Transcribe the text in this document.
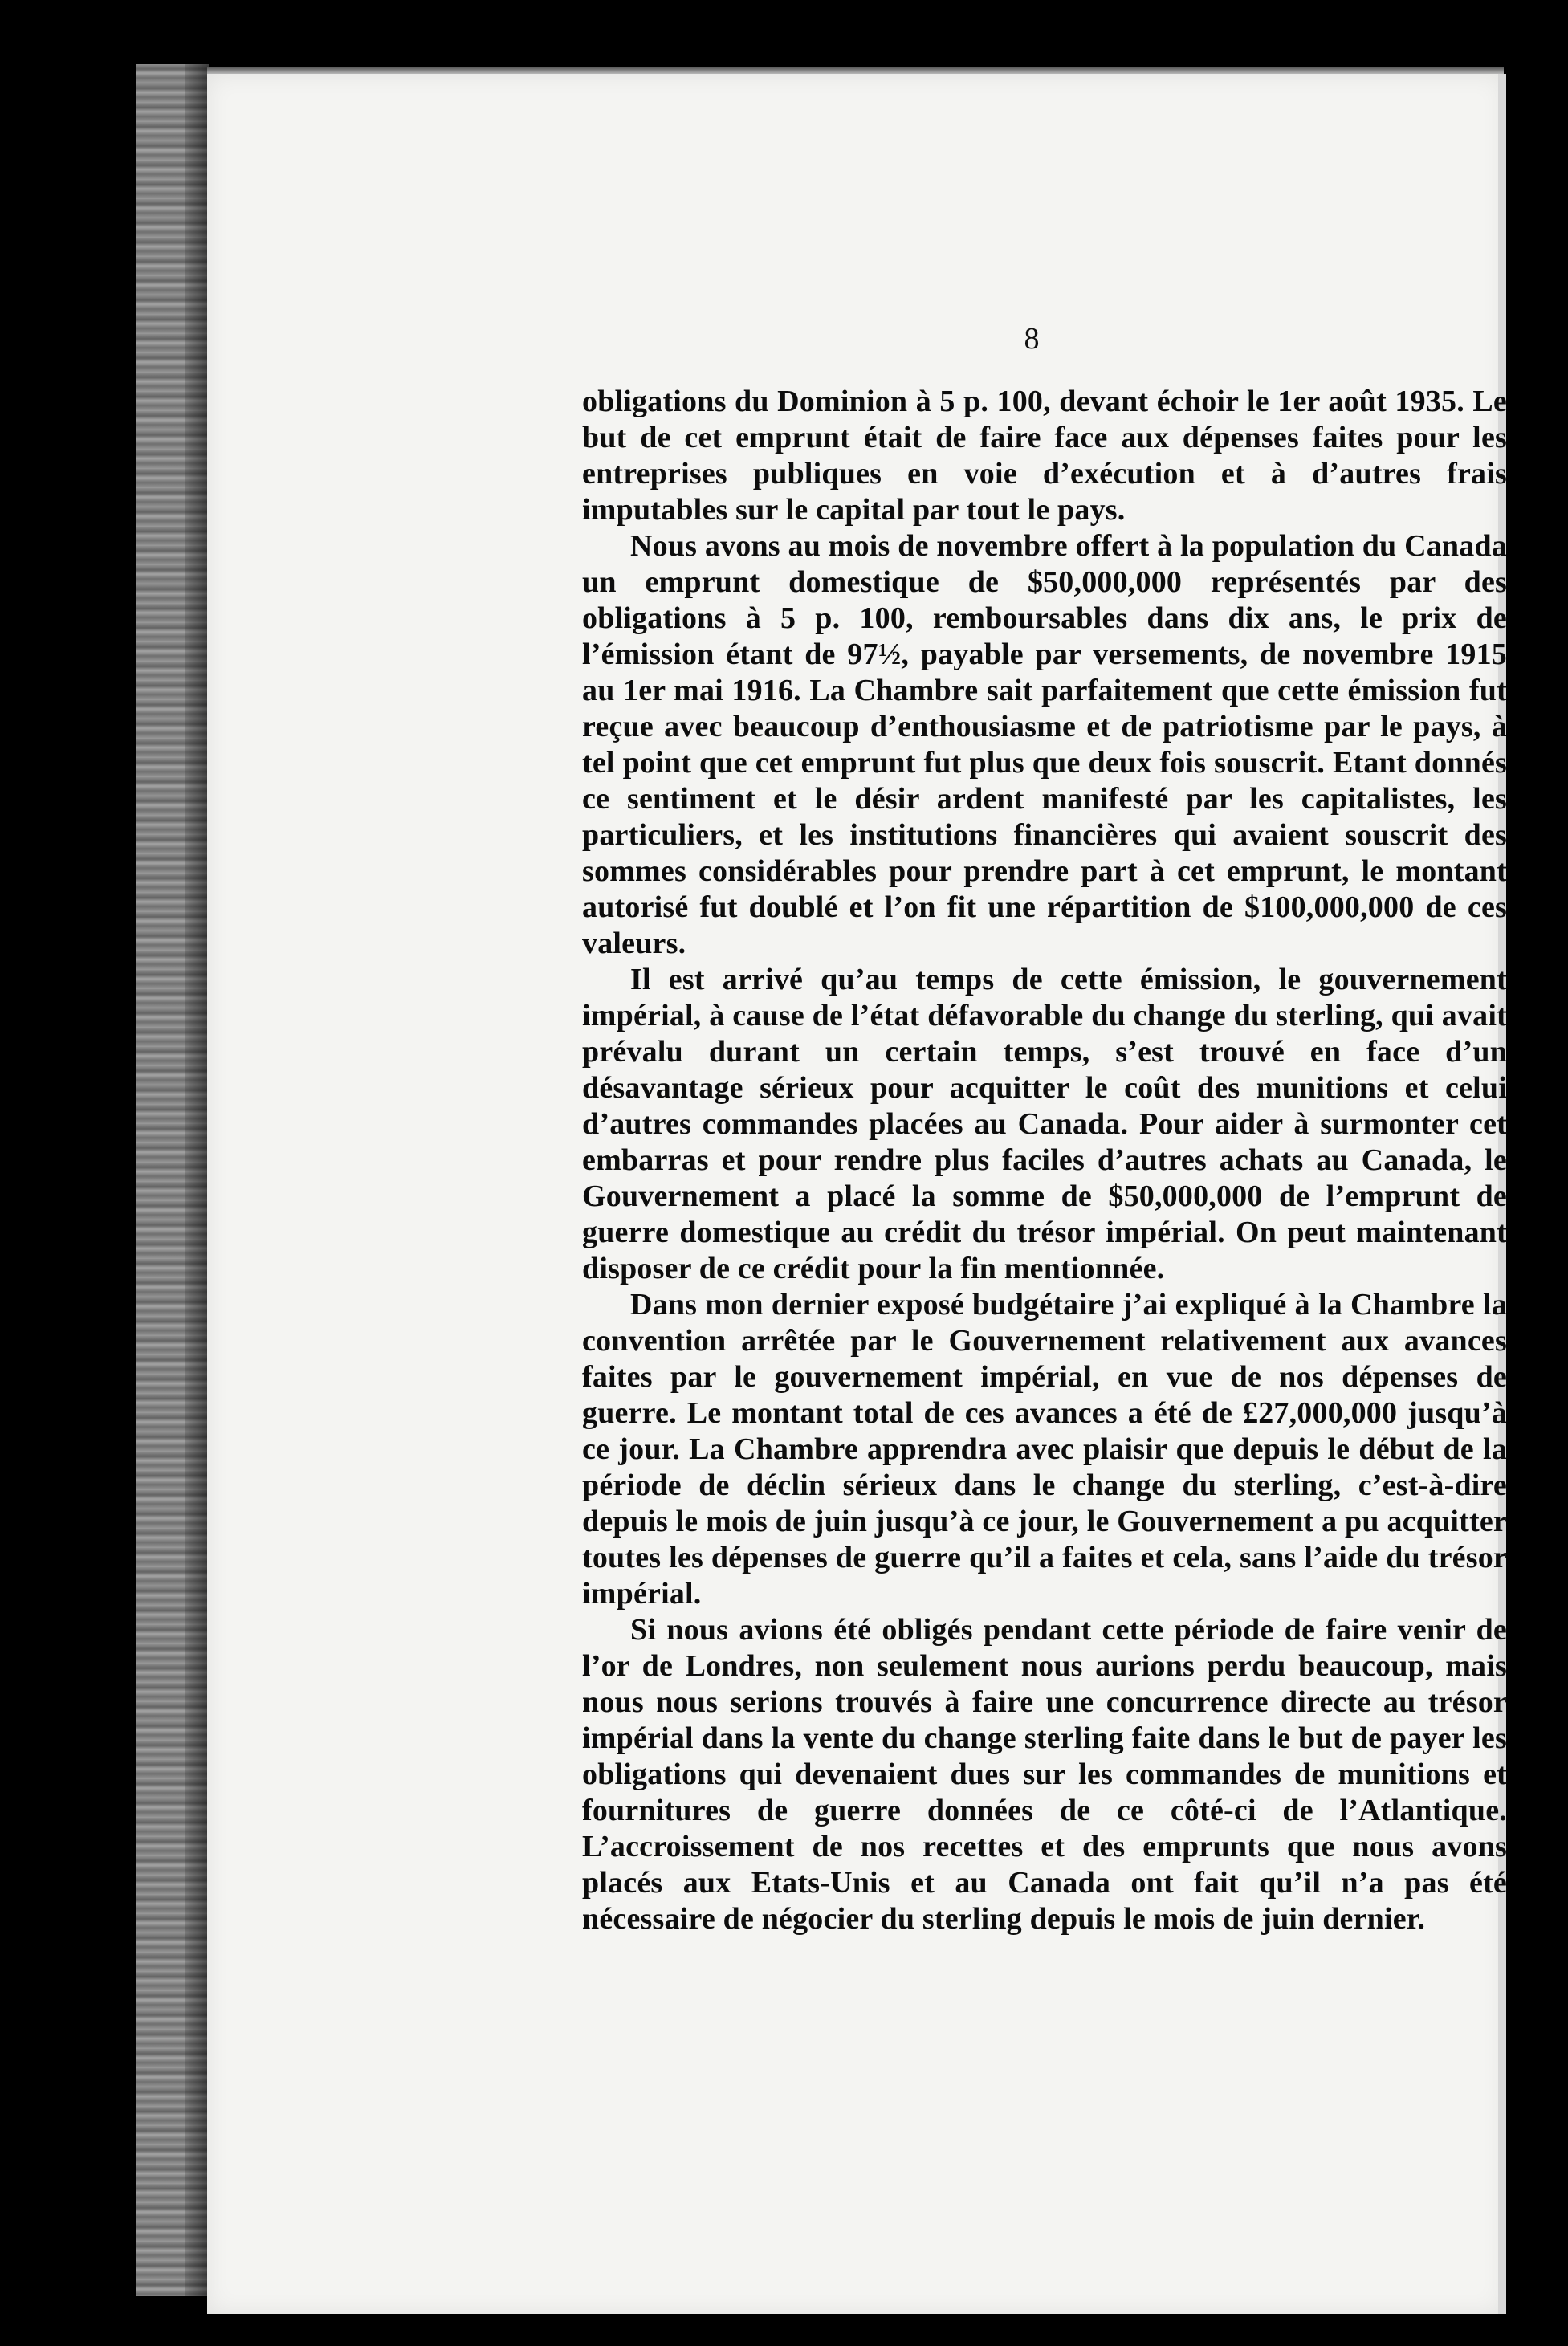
8

obligations du Dominion à 5 p. 100, devant échoir le 1er août 1935. Le but de cet emprunt était de faire face aux dépenses faites pour les entreprises publiques en voie d’exécution et à d’autres frais imputables sur le capital par tout le pays.

Nous avons au mois de novembre offert à la population du Canada un emprunt domestique de $50,000,000 représentés par des obligations à 5 p. 100, remboursables dans dix ans, le prix de l’émission étant de 97½, payable par versements, de novembre 1915 au 1er mai 1916. La Chambre sait parfaitement que cette émission fut reçue avec beaucoup d’enthousiasme et de patriotisme par le pays, à tel point que cet emprunt fut plus que deux fois souscrit. Etant donnés ce sentiment et le désir ardent manifesté par les capitalistes, les particuliers, et les institutions financières qui avaient souscrit des sommes considérables pour prendre part à cet emprunt, le montant autorisé fut doublé et l’on fit une répartition de $100,000,000 de ces valeurs.

Il est arrivé qu’au temps de cette émission, le gouvernement impérial, à cause de l’état défavorable du change du sterling, qui avait prévalu durant un certain temps, s’est trouvé en face d’un désavantage sérieux pour acquitter le coût des munitions et celui d’autres commandes placées au Canada. Pour aider à surmonter cet embarras et pour rendre plus faciles d’autres achats au Canada, le Gouvernement a placé la somme de $50,000,000 de l’emprunt de guerre domestique au crédit du trésor impérial. On peut maintenant disposer de ce crédit pour la fin mentionnée.

Dans mon dernier exposé budgétaire j’ai expliqué à la Chambre la convention arrêtée par le Gouvernement relativement aux avances faites par le gouvernement impérial, en vue de nos dépenses de guerre. Le montant total de ces avances a été de £27,000,000 jusqu’à ce jour. La Chambre apprendra avec plaisir que depuis le début de la période de déclin sérieux dans le change du sterling, c’est-à-dire depuis le mois de juin jusqu’à ce jour, le Gouvernement a pu acquitter toutes les dépenses de guerre qu’il a faites et cela, sans l’aide du trésor impérial.

Si nous avions été obligés pendant cette période de faire venir de l’or de Londres, non seulement nous aurions perdu beaucoup, mais nous nous serions trouvés à faire une concurrence directe au trésor impérial dans la vente du change sterling faite dans le but de payer les obligations qui devenaient dues sur les commandes de munitions et fournitures de guerre données de ce côté-ci de l’Atlantique. L’accroissement de nos recettes et des emprunts que nous avons placés aux Etats-Unis et au Canada ont fait qu’il n’a pas été nécessaire de négocier du sterling depuis le mois de juin dernier.
